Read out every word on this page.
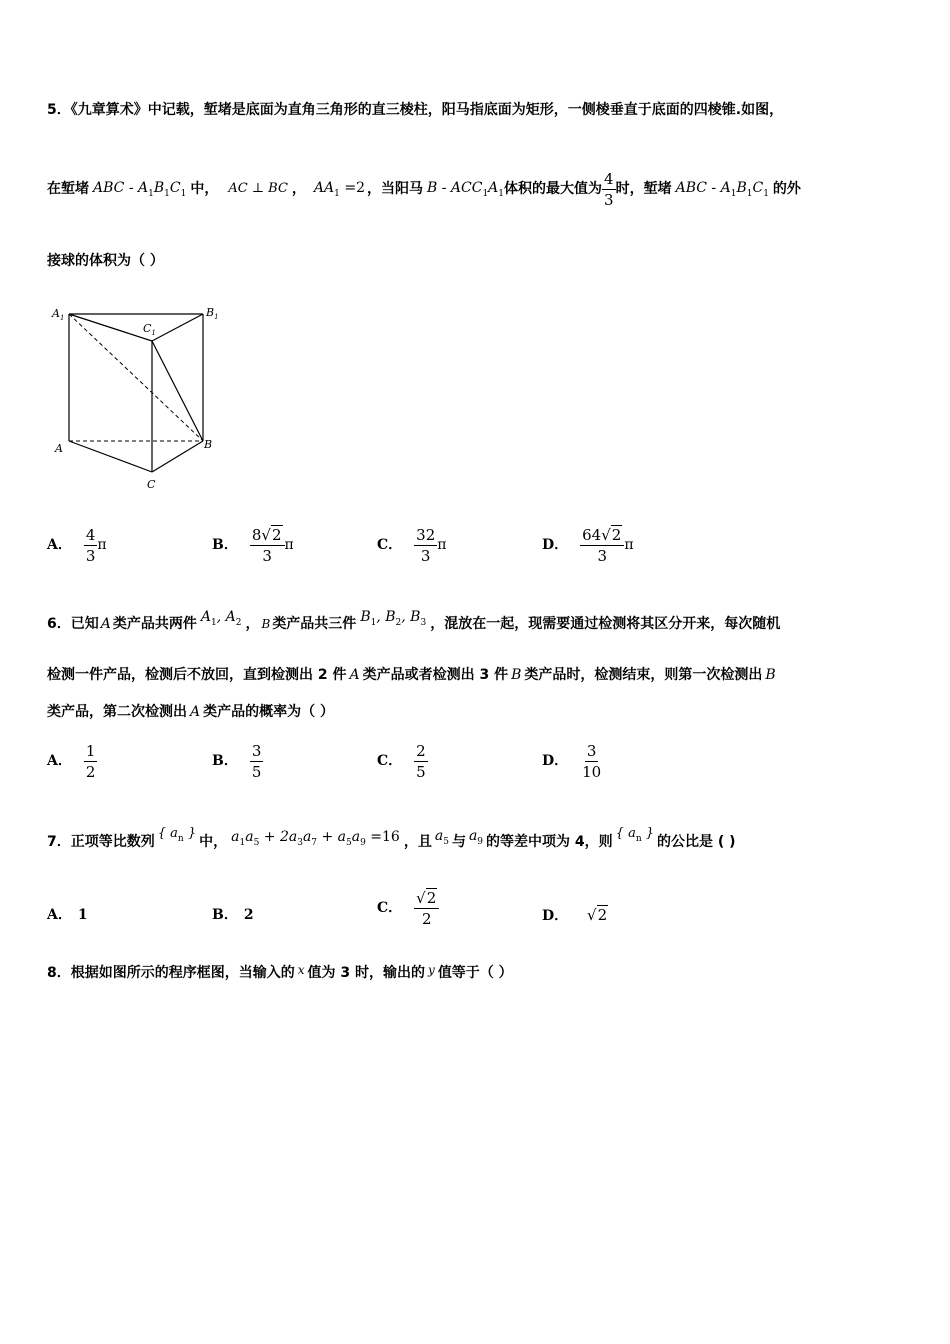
5．《九章算术》中记载，堑堵是底面为直角三角形的直三棱柱，阳马指底面为矩形，一侧棱垂直于底面的四棱锥.如图，
在堑堵 ABC - $A_1B_1C_1$ 中， AC ⊥ BC ， $AA_1 =2$ ，当阳马 B - $ACC_1A_1$ 体积的最大值为 $\frac{4}{3}$ 时，堑堵 ABC - $A_1B_1C_1$ 的外
接球的体积为（ ）
$A_1$
$C_1$
$B_1$
A	B
C
A． $\frac{4}{3}$ π	B． $\frac{8√2}{3}$ π	C． $\frac{32}{3}$ π	D． $\frac{64√2}{3}$ π
6． 已知 A 类产品共两件 $A_1$, $A_2$ ， B 类产品共三件 $B_1$, $B_2$, $B_3$ ，混放在一起，现需要通过检测将其区分开来，每次随机
检测一件产品，检测后不放回，直到检测出 2 件 A 类产品或者检测出 3 件 B 类产品时，检测结束，则第一次检测出 B
类产品，第二次检测出 A 类产品的概率为（ ）
A． $\frac{1}{2}$	B． $\frac{3}{5}$	C． $\frac{2}{5}$	D． $\frac{3}{10}$
7． 正项等比数列
{ $a_n$ }
中， $a_1a_5 + 2a_3a_7 + a_5a_9 =16$ ，且 $a_5$ 与 $a_9$ 的等差中项为 4，则
{ $a_n$ }
的公比是 ( )
A． 1	B． 2	C． $\frac{√2}{2}$	D． √2
8．根据如图所示的程序框图，当输入的 x 值为 3 时，输出的 y 值等于（ ）
